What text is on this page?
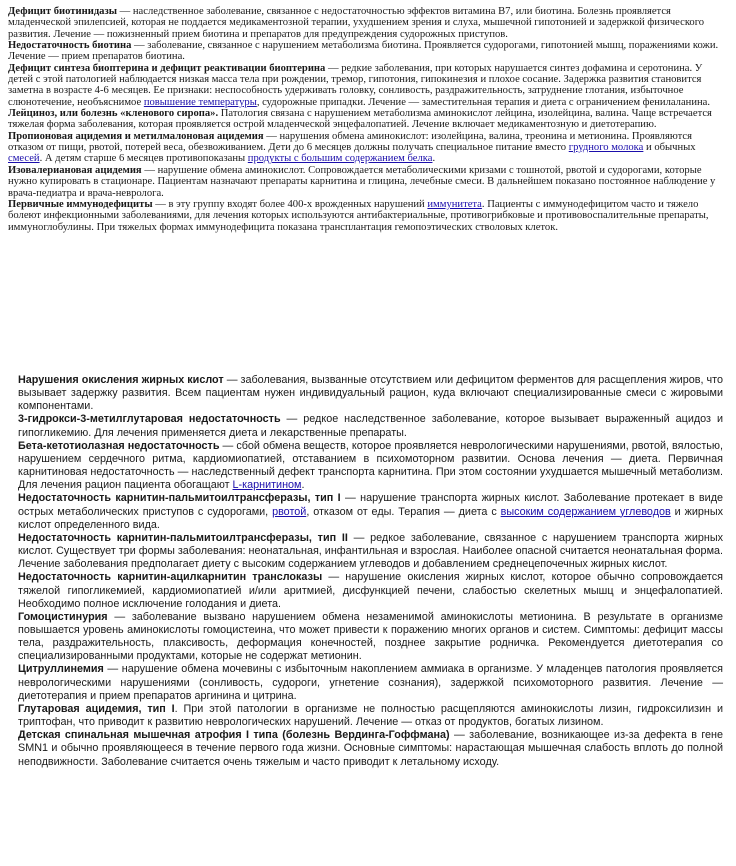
Дефицит биотинидазы — наследственное заболевание, связанное с недостаточностью эффектов витамина B7, или биотина. Болезнь проявляется младенческой эпилепсией, которая не поддается медикаментозной терапии, ухудшением зрения и слуха, мышечной гипотонией и задержкой физического развития. Лечение — пожизненный прием биотина и препаратов для предупреждения судорожных приступов.

Недостаточность биотина — заболевание, связанное с нарушением метаболизма биотина. Проявляется судорогами, гипотонией мышц, поражениями кожи. Лечение — прием препаратов биотина.

Дефицит синтеза биоптерина и дефицит реактивации биоптерина — редкие заболевания, при которых нарушается синтез дофамина и серотонина. У детей с этой патологией наблюдается низкая масса тела при рождении, тремор, гипотония, гипокинезия и плохое сосание. Задержка развития становится заметна в возрасте 4-6 месяцев. Ее признаки: неспособность удерживать головку, сонливость, раздражительность, затруднение глотания, избыточное слюнотечение, необъяснимое повышение температуры, судорожные припадки. Лечение — заместительная терапия и диета с ограничением фенилаланина.

Лейциноз, или болезнь «кленового сиропа». Патология связана с нарушением метаболизма аминокислот лейцина, изолейцина, валина. Чаще встречается тяжелая форма заболевания, которая проявляется острой младенческой энцефалопатией. Лечение включает медикаментозную и диетотерапию.

Пропионовая ацидемия и метилмалоновая ацидемия — нарушения обмена аминокислот: изолейцина, валина, треонина и метионина. Проявляются отказом от пищи, рвотой, потерей веса, обезвоживанием. Дети до 6 месяцев должны получать специальное питание вместо грудного молока и обычных смесей. А детям старше 6 месяцев противопоказаны продукты с большим содержанием белка.

Изовалериановая ацидемия — нарушение обмена аминокислот. Сопровождается метаболическими кризами с тошнотой, рвотой и судорогами, которые нужно купировать в стационаре. Пациентам назначают препараты карнитина и глицина, лечебные смеси. В дальнейшем показано постоянное наблюдение у врача-педиатра и врача-невролога.

Первичные иммунодефициты — в эту группу входят более 400-х врожденных нарушений иммунитета. Пациенты с иммунодефицитом часто и тяжело болеют инфекционными заболеваниями, для лечения которых используются антибактериальные, противогрибковые и противовоспалительные препараты, иммуноглобулины. При тяжелых формах иммунодефицита показана трансплантация гемопоэтических стволовых клеток.

Нарушения окисления жирных кислот — заболевания, вызванные отсутствием или дефицитом ферментов для расщепления жиров, что вызывает задержку развития. Всем пациентам нужен индивидуальный рацион, куда включают специализированные смеси с жировыми компонентами.

3-гидрокси-3-метилглутаровая недостаточность — редкое наследственное заболевание, которое вызывает выраженный ацидоз и гипогликемию. Для лечения применяется диета и лекарственные препараты.

Бета-кетотиолазная недостаточность — сбой обмена веществ, которое проявляется неврологическими нарушениями, рвотой, вялостью, нарушением сердечного ритма, кардиомиопатией, отставанием в психомоторном развитии. Основа лечения — диета. Первичная карнитиновая недостаточность — наследственный дефект транспорта карнитина. При этом состоянии ухудшается мышечный метаболизм. Для лечения рацион пациента обогащают L-карнитином.

Недостаточность карнитин-пальмитоилтрансферазы, тип I — нарушение транспорта жирных кислот. Заболевание протекает в виде острых метаболических приступов с судорогами, рвотой, отказом от еды. Терапия — диета с высоким содержанием углеводов и жирных кислот определенного вида.

Недостаточность карнитин-пальмитоилтрансферазы, тип II — редкое заболевание, связанное с нарушением транспорта жирных кислот. Существует три формы заболевания: неонатальная, инфантильная и взрослая. Наиболее опасной считается неонатальная форма. Лечение заболевания предполагает диету с высоким содержанием углеводов и добавлением среднецепочечных жирных кислот.

Недостаточность карнитин-ацилкарнитин транслоказы — нарушение окисления жирных кислот, которое обычно сопровождается тяжелой гипогликемией, кардиомиопатией и/или аритмией, дисфункцией печени, слабостью скелетных мышц и энцефалопатией. Необходимо полное исключение голодания и диета.

Гомоцистинурия — заболевание вызвано нарушением обмена незаменимой аминокислоты метионина. В результате в организме повышается уровень аминокислоты гомоцистеина, что может привести к поражению многих органов и систем. Симптомы: дефицит массы тела, раздражительность, плаксивость, деформация конечностей, позднее закрытие родничка. Рекомендуется диетотерапия со специализированными продуктами, которые не содержат метионин.

Цитруллинемия — нарушение обмена мочевины с избыточным накоплением аммиака в организме. У младенцев патология проявляется неврологическими нарушениями (сонливость, судороги, угнетение сознания), задержкой психомоторного развития. Лечение — диетотерапия и прием препаратов аргинина и цитрина.

Глутаровая ацидемия, тип I. При этой патологии в организме не полностью расщепляются аминокислоты лизин, гидроксилизин и триптофан, что приводит к развитию неврологических нарушений. Лечение — отказ от продуктов, богатых лизином.

Детская спинальная мышечная атрофия I типа (болезнь Вердинга-Гоффмана) — заболевание, возникающее из-за дефекта в гене SMN1 и обычно проявляющееся в течение первого года жизни. Основные симптомы: нарастающая мышечная слабость вплоть до полной неподвижности. Заболевание считается очень тяжелым и часто приводит к летальному исходу.
